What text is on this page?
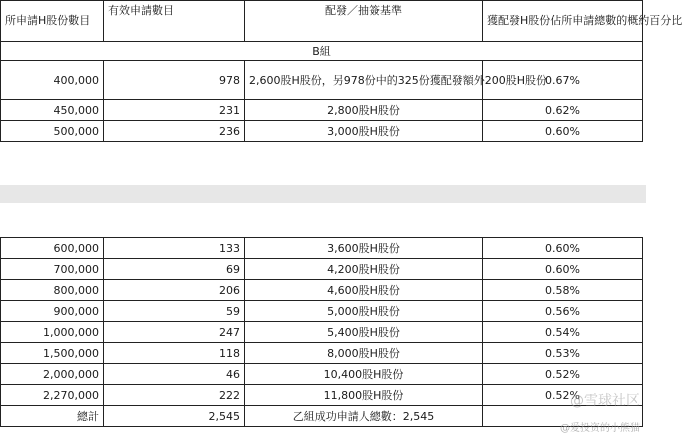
所申請H股份數目	有效申請數目	配發／抽簽基準	獲配發H股份佔所申請總數的概約百分比
B組			
400,000	978	2,600股H股份，另978份中的325份獲配發額外200股H股份	0.67%
450,000	231	2,800股H股份	0.62%
500,000	236	3,000股H股份	0.60%
600,000	133	3,600股H股份	0.60%
700,000	69	4,200股H股份	0.60%
800,000	206	4,600股H股份	0.58%
900,000	59	5,000股H股份	0.56%
1,000,000	247	5,400股H股份	0.54%
1,500,000	118	8,000股H股份	0.53%
2,000,000	46	10,400股H股份	0.52%
2,270,000	222	11,800股H股份	0.52%
總計	2,545	乙組成功申請人總數：2,545	
@雪球社区
@爱投资的小熊猫
